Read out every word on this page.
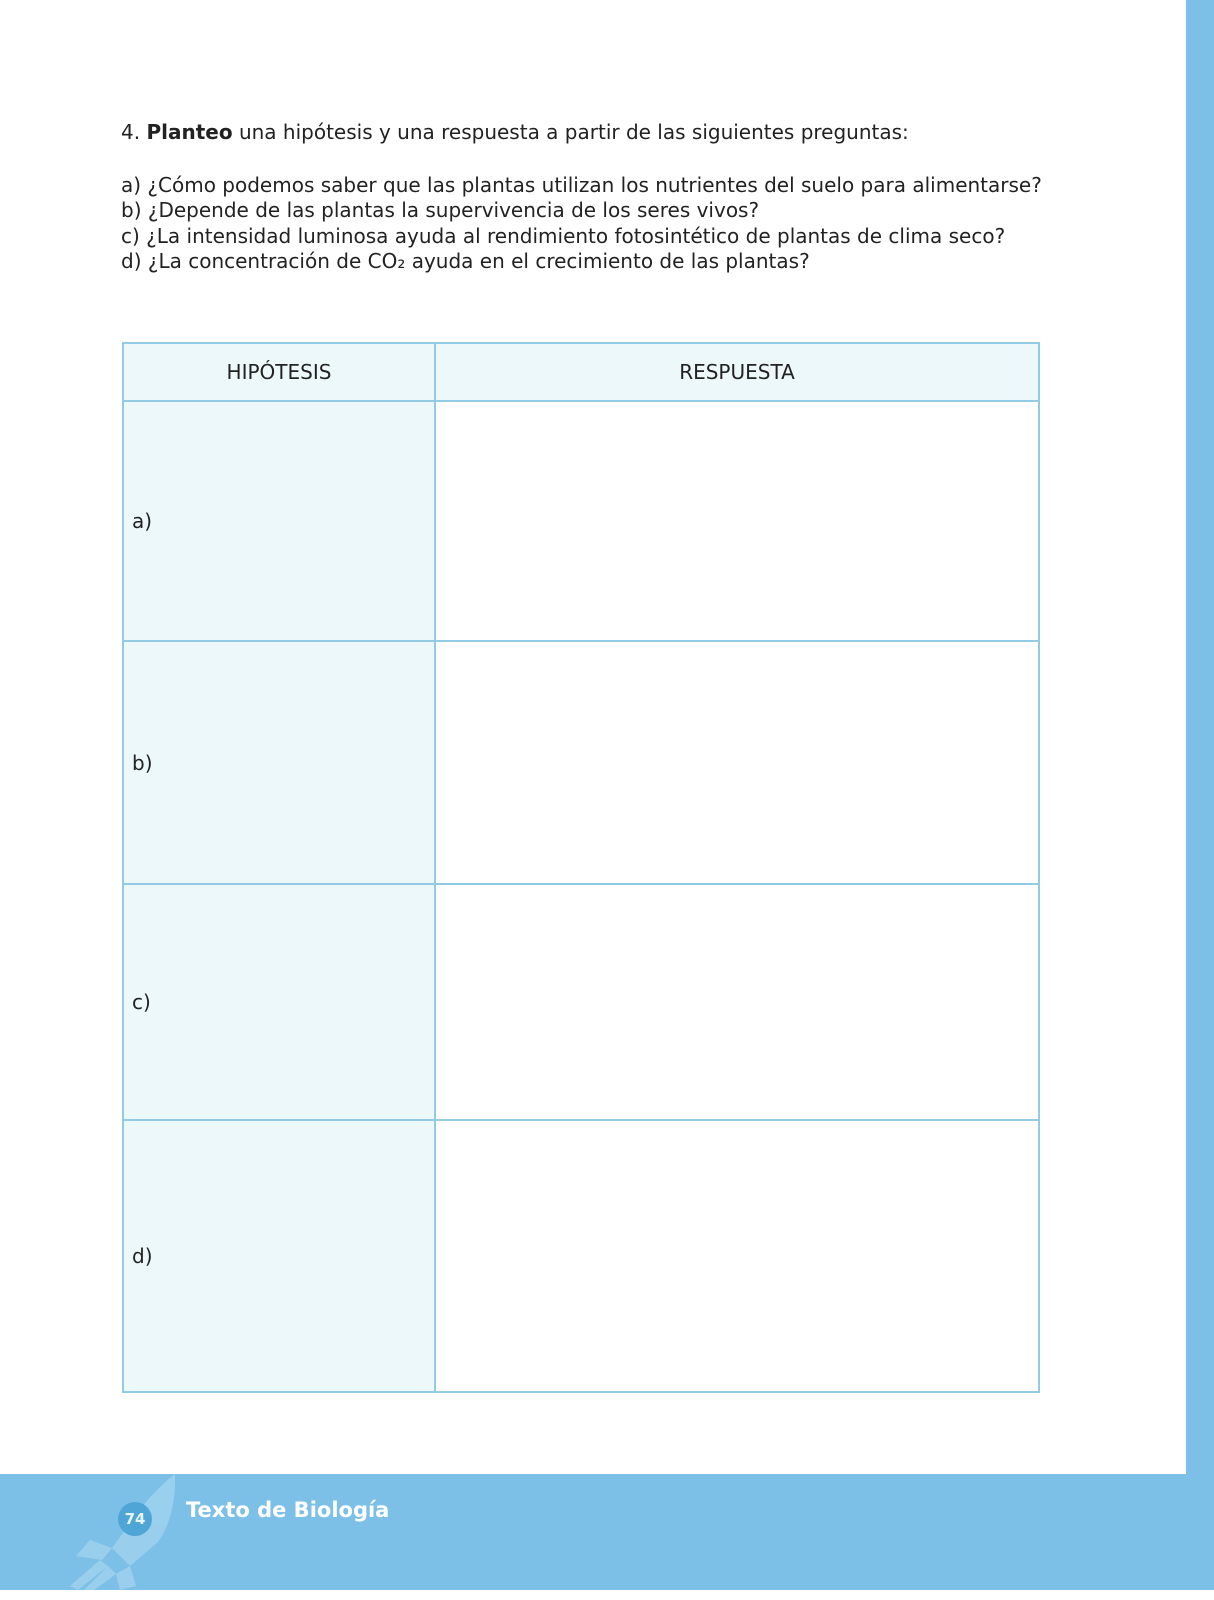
4. Planteo una hipótesis y una respuesta a partir de las siguientes preguntas:

a) ¿Cómo podemos saber que las plantas utilizan los nutrientes del suelo para alimentarse?

b) ¿Depende de las plantas la supervivencia de los seres vivos?

c) ¿La intensidad luminosa ayuda al rendimiento fotosintético de plantas de clima seco?

d) ¿La concentración de CO₂ ayuda en el crecimiento de las plantas?

HIPÓTESIS	RESPUESTA
a)	
b)	
c)	
d)	
74	Texto de Biología
